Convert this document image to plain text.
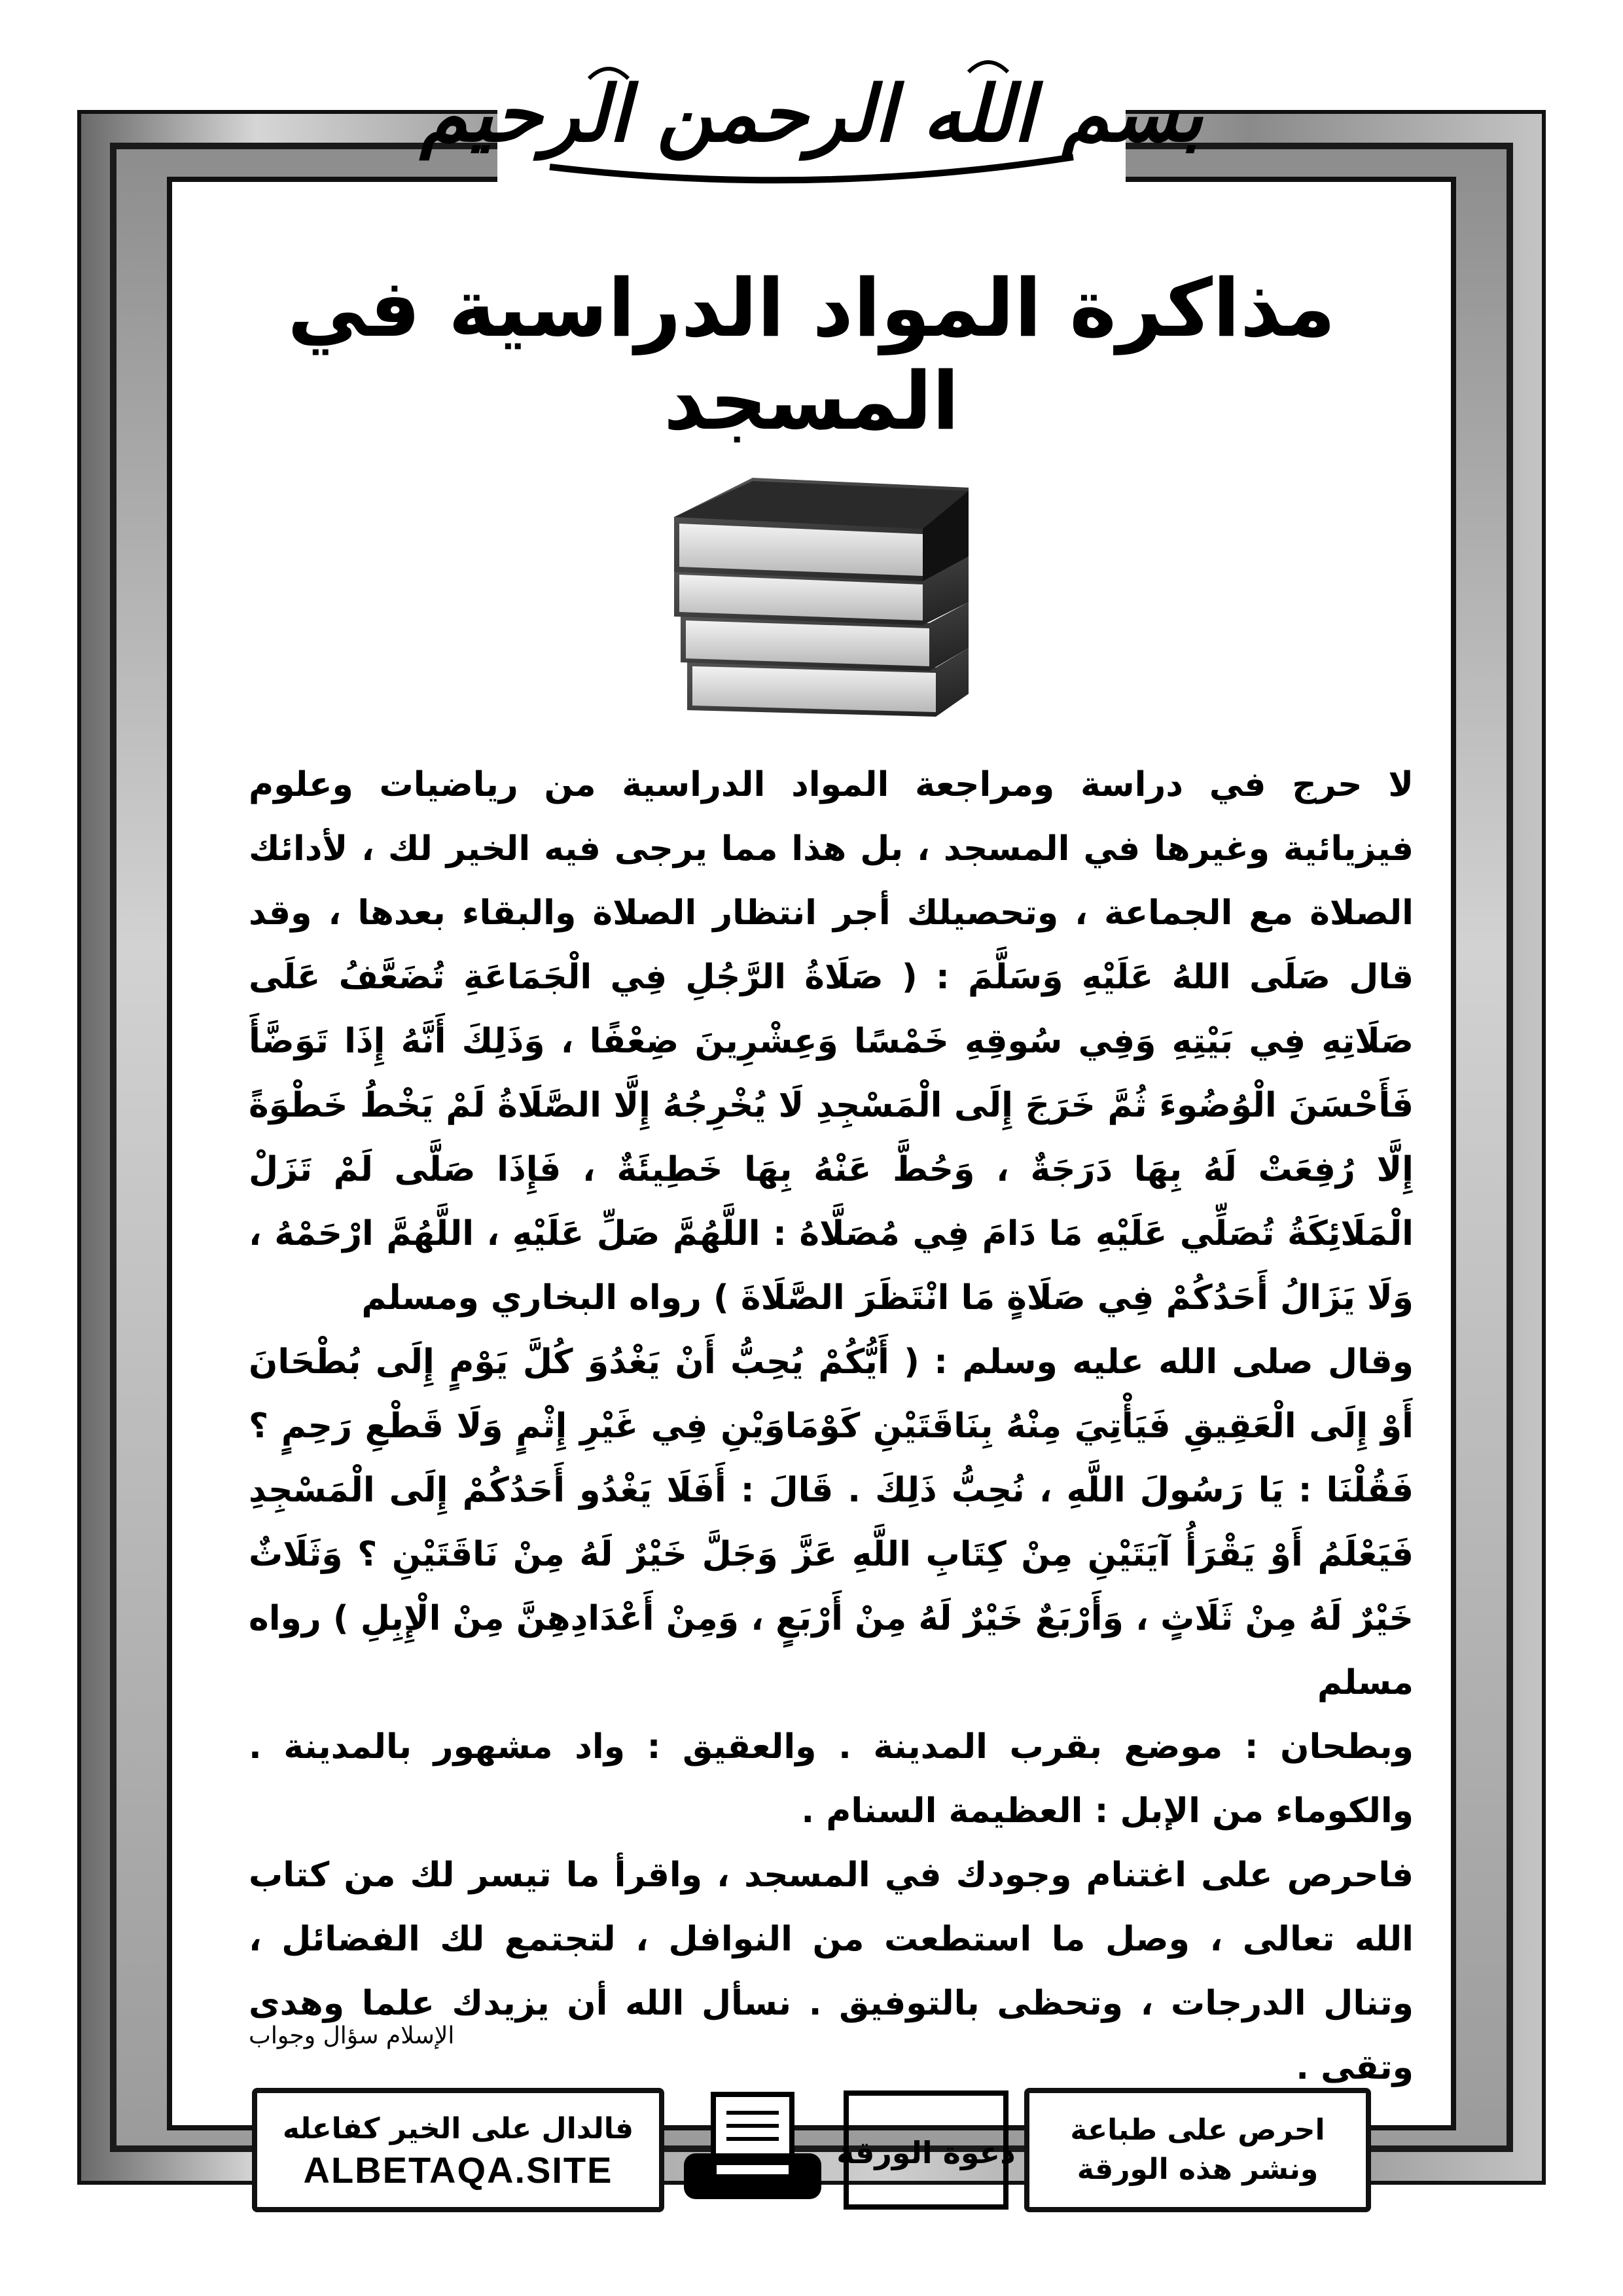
بسم الله الرحمن الرحيم
مذاكرة المواد الدراسية في المسجد

لا حرج في دراسة ومراجعة المواد الدراسية من رياضيات وعلوم فيزيائية وغيرها في المسجد ، بل هذا مما يرجى فيه الخير لك ، لأدائك الصلاة مع الجماعة ، وتحصيلك أجر انتظار الصلاة والبقاء بعدها ، وقد قال صَلَى اللهُ عَلَيْهِ وَسَلَّمَ : ( صَلَاةُ الرَّجُلِ فِي الْجَمَاعَةِ تُضَعَّفُ عَلَى صَلَاتِهِ فِي بَيْتِهِ وَفِي سُوقِهِ خَمْسًا وَعِشْرِينَ ضِعْفًا ، وَذَلِكَ أَنَّهُ إِذَا تَوَضَّأَ فَأَحْسَنَ الْوُضُوءَ ثُمَّ خَرَجَ إِلَى الْمَسْجِدِ لَا يُخْرِجُهُ إِلَّا الصَّلَاةُ لَمْ يَخْطُ خَطْوَةً إِلَّا رُفِعَتْ لَهُ بِهَا دَرَجَةٌ ، وَحُطَّ عَنْهُ بِهَا خَطِيئَةٌ ، فَإِذَا صَلَّى لَمْ تَزَلْ الْمَلَائِكَةُ تُصَلِّي عَلَيْهِ مَا دَامَ فِي مُصَلَّاهُ : اللَّهُمَّ صَلِّ عَلَيْهِ ، اللَّهُمَّ ارْحَمْهُ ، وَلَا يَزَالُ أَحَدُكُمْ فِي صَلَاةٍ مَا انْتَظَرَ الصَّلَاةَ ) رواه البخاري ومسلم

وقال صلى الله عليه وسلم : ( أَيُّكُمْ يُحِبُّ أَنْ يَغْدُوَ كُلَّ يَوْمٍ إِلَى بُطْحَانَ أَوْ إِلَى الْعَقِيقِ فَيَأْتِيَ مِنْهُ بِنَاقَتَيْنِ كَوْمَاوَيْنِ فِي غَيْرِ إِثْمٍ وَلَا قَطْعِ رَحِمٍ ؟ فَقُلْنَا : يَا رَسُولَ اللَّهِ ، نُحِبُّ ذَلِكَ . قَالَ : أَفَلَا يَغْدُو أَحَدُكُمْ إِلَى الْمَسْجِدِ فَيَعْلَمُ أَوْ يَقْرَأُ آيَتَيْنِ مِنْ كِتَابِ اللَّهِ عَزَّ وَجَلَّ خَيْرٌ لَهُ مِنْ نَاقَتَيْنِ ؟ وَثَلَاثٌ خَيْرٌ لَهُ مِنْ ثَلَاثٍ ، وَأَرْبَعٌ خَيْرٌ لَهُ مِنْ أَرْبَعٍ ، وَمِنْ أَعْدَادِهِنَّ مِنْ الْإِبِلِ ) رواه مسلم

وبطحان : موضع بقرب المدينة . والعقيق : واد مشهور بالمدينة . والكوماء من الإبل : العظيمة السنام .

فاحرص على اغتنام وجودك في المسجد ، واقرأ ما تيسر لك من كتاب الله تعالى ، وصل ما استطعت من النوافل ، لتجتمع لك الفضائل ، وتنال الدرجات ، وتحظى بالتوفيق . نسأل الله أن يزيدك علما وهدى وتقى .

الإسلام سؤال وجواب
فالدال على الخير كفاعله
ALBETAQA.SITE	دعوة الورقة
احرص على طباعة
ونشر هذه الورقة
